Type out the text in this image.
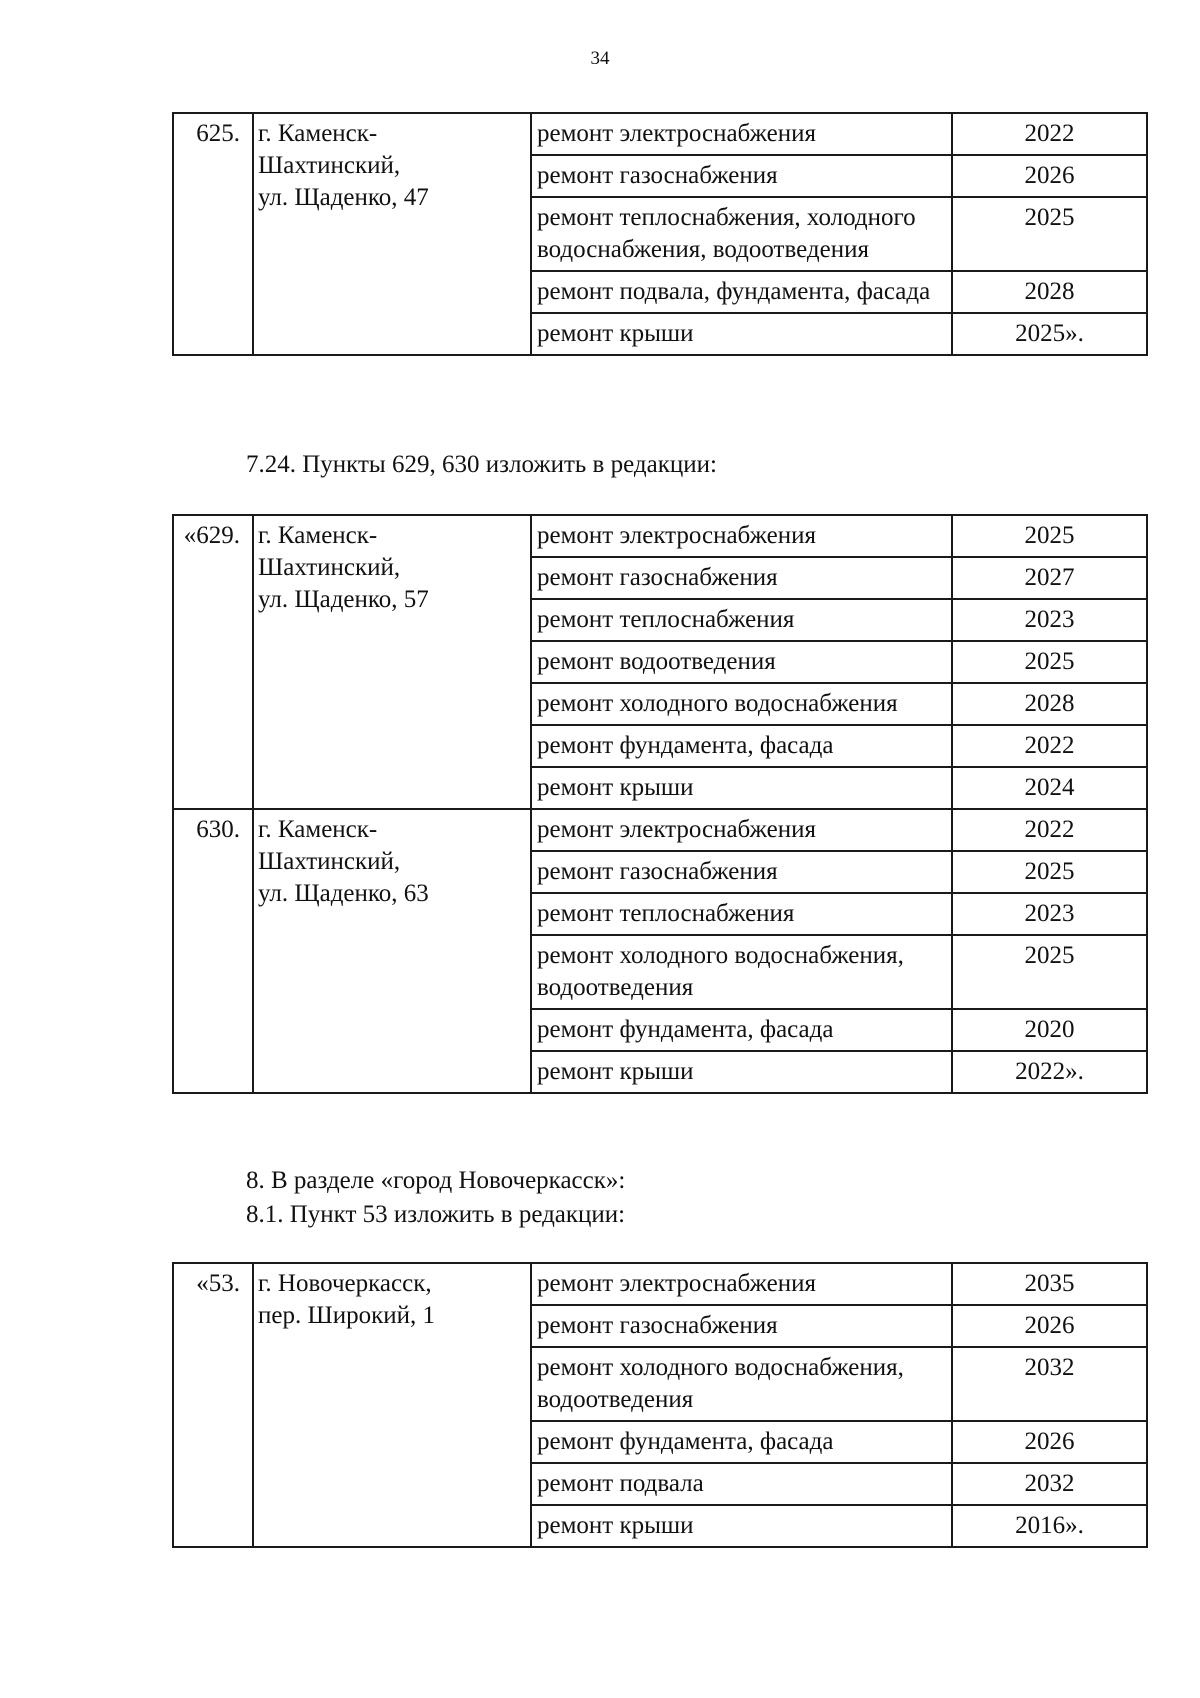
34
625.	г. Каменск-
Шахтинский,
ул. Щаденко, 47	ремонт электроснабжения	2022
		ремонт газоснабжения	2026
		ремонт теплоснабжения, холодного водоснабжения, водоотведения	2025
		ремонт подвала, фундамента, фасада	2028
		ремонт крыши	2025».
7.24. Пункты 629, 630 изложить в редакции:
«629.	г. Каменск-
Шахтинский,
ул. Щаденко, 57	ремонт электроснабжения	2025
		ремонт газоснабжения	2027
		ремонт теплоснабжения	2023
		ремонт водоотведения	2025
		ремонт холодного водоснабжения	2028
		ремонт фундамента, фасада	2022
		ремонт крыши	2024
630.	г. Каменск-
Шахтинский,
ул. Щаденко, 63	ремонт электроснабжения	2022
		ремонт газоснабжения	2025
		ремонт теплоснабжения	2023
		ремонт холодного водоснабжения, водоотведения	2025
		ремонт фундамента, фасада	2020
		ремонт крыши	2022».
8. В разделе «город Новочеркасск»:
8.1. Пункт 53 изложить в редакции:
«53.	г. Новочеркасск,
пер. Широкий, 1	ремонт электроснабжения	2035
		ремонт газоснабжения	2026
		ремонт холодного водоснабжения, водоотведения	2032
		ремонт фундамента, фасада	2026
		ремонт подвала	2032
		ремонт крыши	2016».
